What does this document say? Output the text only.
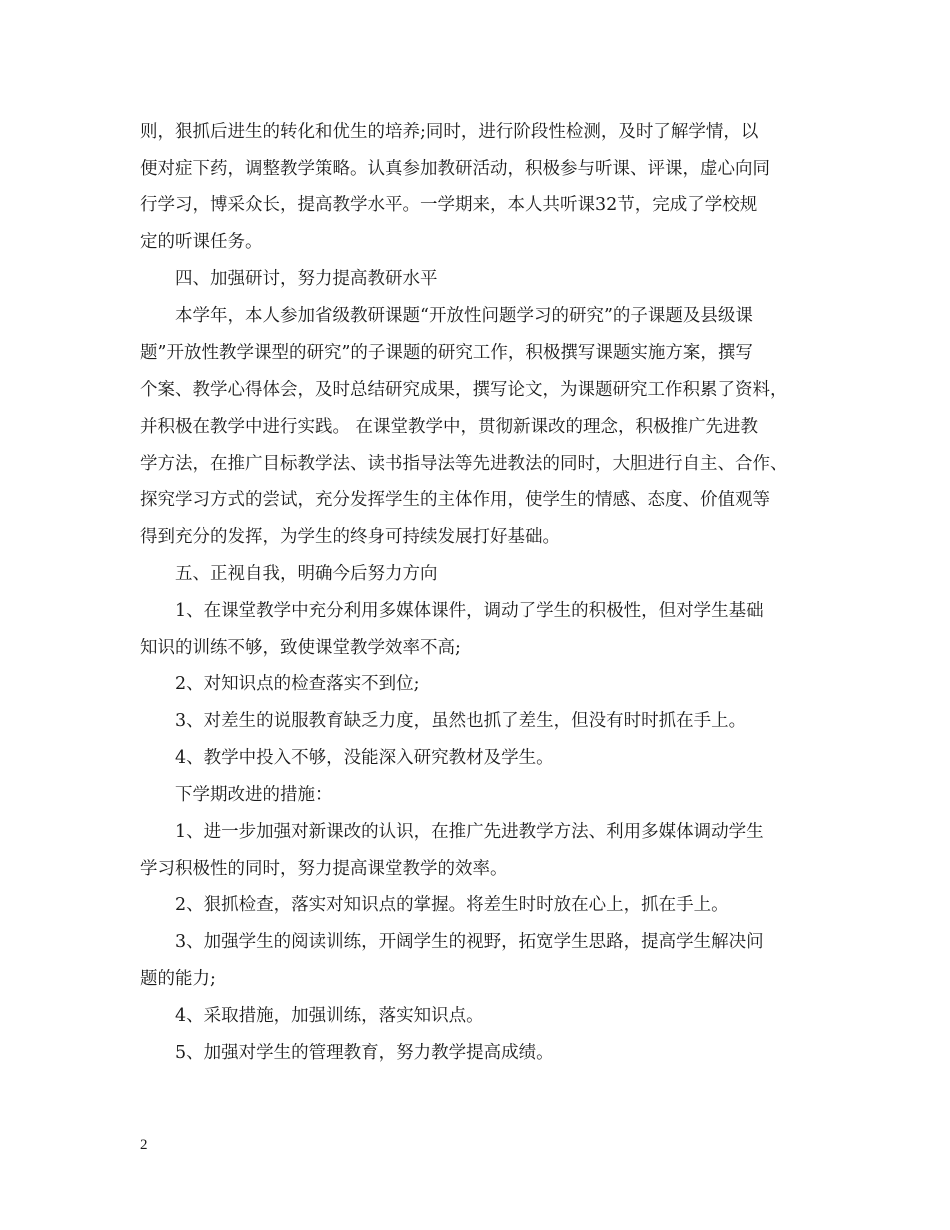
则，狠抓后进生的转化和优生的培养;同时，进行阶段性检测，及时了解学情，以
便对症下药，调整教学策略。认真参加教研活动，积极参与听课、评课，虚心向同
行学习，博采众长，提高教学水平。一学期来，本人共听课32节，完成了学校规
定的听课任务。
四、加强研讨，努力提高教研水平
本学年，本人参加省级教研课题“开放性问题学习的研究”的子课题及县级课
题”开放性教学课型的研究”的子课题的研究工作，积极撰写课题实施方案，撰写
个案、教学心得体会，及时总结研究成果，撰写论文，为课题研究工作积累了资料，
并积极在教学中进行实践。 在课堂教学中，贯彻新课改的理念，积极推广先进教
学方法，在推广目标教学法、读书指导法等先进教法的同时，大胆进行自主、合作、
探究学习方式的尝试，充分发挥学生的主体作用，使学生的情感、态度、价值观等
得到充分的发挥，为学生的终身可持续发展打好基础。
五、正视自我，明确今后努力方向
1、在课堂教学中充分利用多媒体课件，调动了学生的积极性，但对学生基础
知识的训练不够，致使课堂教学效率不高;
2、对知识点的检查落实不到位;
3、对差生的说服教育缺乏力度，虽然也抓了差生，但没有时时抓在手上。
4、教学中投入不够，没能深入研究教材及学生。
下学期改进的措施：
1、进一步加强对新课改的认识，在推广先进教学方法、利用多媒体调动学生
学习积极性的同时，努力提高课堂教学的效率。
2、狠抓检查，落实对知识点的掌握。将差生时时放在心上，抓在手上。
3、加强学生的阅读训练，开阔学生的视野，拓宽学生思路，提高学生解决问
题的能力;
4、采取措施，加强训练，落实知识点。
5、加强对学生的管理教育，努力教学提高成绩。
2
